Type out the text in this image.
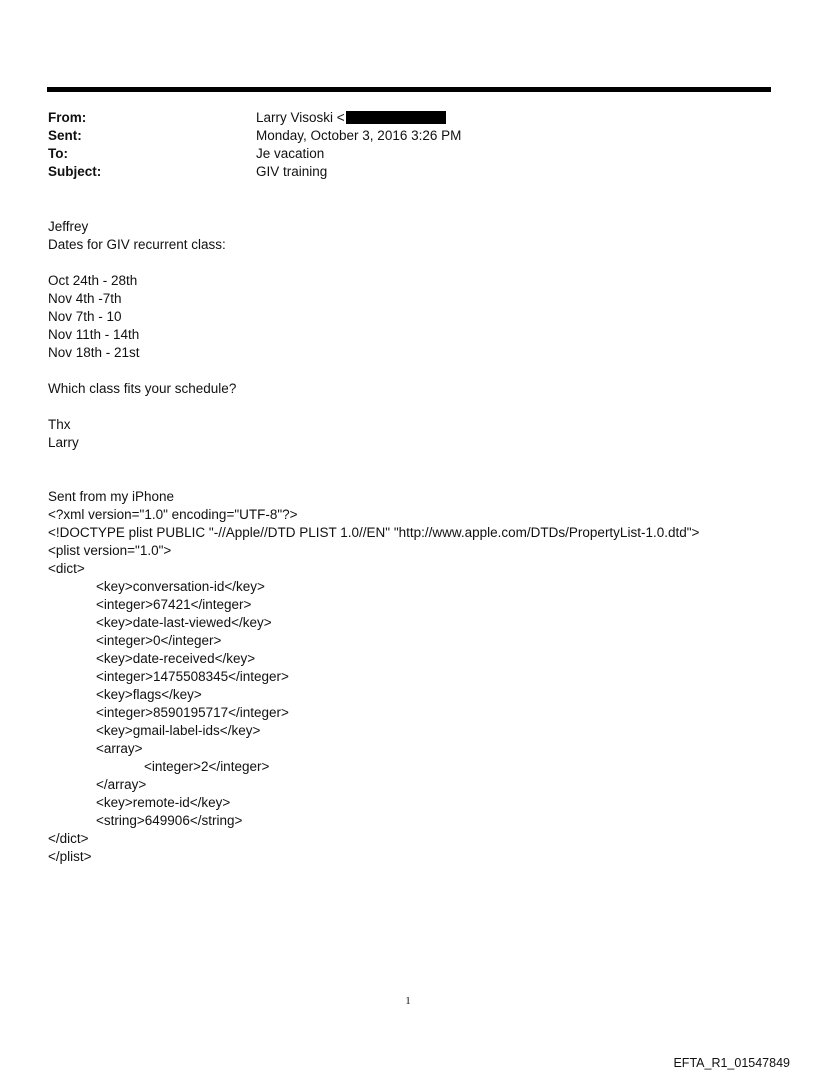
From:	Larry Visoski <
Sent:	Monday, October 3, 2016 3:26 PM
To:	Je vacation
Subject:	GIV training
Jeffrey
Dates for GIV recurrent class:
Oct 24th - 28th
Nov 4th -7th
Nov 7th - 10
Nov 11th - 14th
Nov 18th - 21st
Which class fits your schedule?
Thx
Larry
Sent from my iPhone
<?xml version="1.0" encoding="UTF-8"?>
<!DOCTYPE plist PUBLIC "-//Apple//DTD PLIST 1.0//EN" "http://www.apple.com/DTDs/PropertyList-1.0.dtd">
<plist version="1.0">
<dict>
<key>conversation-id</key>
<integer>67421</integer>
<key>date-last-viewed</key>
<integer>0</integer>
<key>date-received</key>
<integer>1475508345</integer>
<key>flags</key>
<integer>8590195717</integer>
<key>gmail-label-ids</key>
<array>
<integer>2</integer>
</array>
<key>remote-id</key>
<string>649906</string>
</dict>
</plist>
1
EFTA_R1_01547849
